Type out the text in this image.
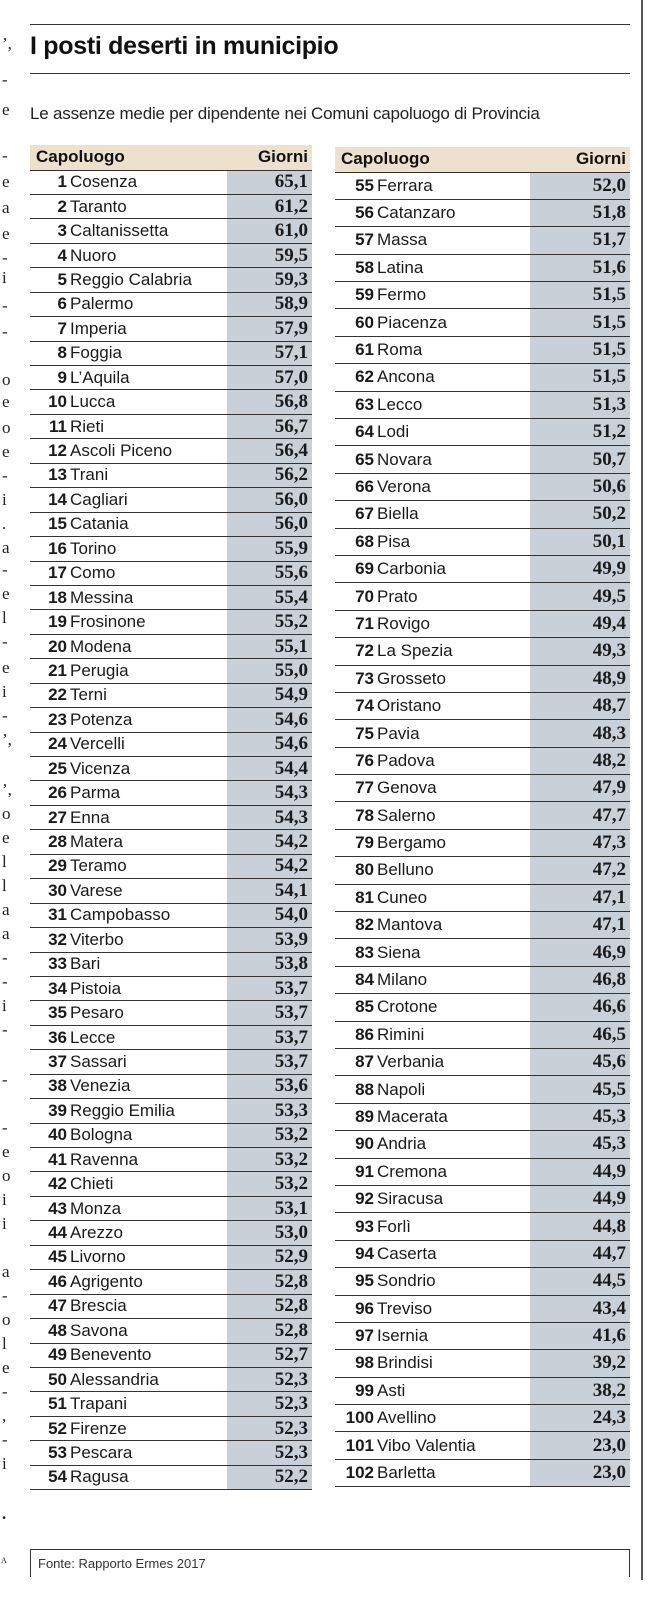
’,
-
e
-
e
a
e
-
i
-
-
o
e
o
e
-
i
.
a
-
e
l
-
e
i
-
’,
’,
o
e
l
l
a
a
-
-
i
-
-
-
e
o
i
i
a
-
o
l
e
-
,
-
i
.
A
I posti deserti in municipio

Le assenze medie per dipendente nei Comuni capoluogo di Provincia

Capoluogo		Giorni
1	Cosenza	65,1
2	Taranto	61,2
3	Caltanissetta	61,0
4	Nuoro	59,5
5	Reggio Calabria	59,3
6	Palermo	58,9
7	Imperia	57,9
8	Foggia	57,1
9	L’Aquila	57,0
10	Lucca	56,8
11	Rieti	56,7
12	Ascoli Piceno	56,4
13	Trani	56,2
14	Cagliari	56,0
15	Catania	56,0
16	Torino	55,9
17	Como	55,6
18	Messina	55,4
19	Frosinone	55,2
20	Modena	55,1
21	Perugia	55,0
22	Terni	54,9
23	Potenza	54,6
24	Vercelli	54,6
25	Vicenza	54,4
26	Parma	54,3
27	Enna	54,3
28	Matera	54,2
29	Teramo	54,2
30	Varese	54,1
31	Campobasso	54,0
32	Viterbo	53,9
33	Bari	53,8
34	Pistoia	53,7
35	Pesaro	53,7
36	Lecce	53,7
37	Sassari	53,7
38	Venezia	53,6
39	Reggio Emilia	53,3
40	Bologna	53,2
41	Ravenna	53,2
42	Chieti	53,2
43	Monza	53,1
44	Arezzo	53,0
45	Livorno	52,9
46	Agrigento	52,8
47	Brescia	52,8
48	Savona	52,8
49	Benevento	52,7
50	Alessandria	52,3
51	Trapani	52,3
52	Firenze	52,3
53	Pescara	52,3
54	Ragusa	52,2
Capoluogo		Giorni
55	Ferrara	52,0
56	Catanzaro	51,8
57	Massa	51,7
58	Latina	51,6
59	Fermo	51,5
60	Piacenza	51,5
61	Roma	51,5
62	Ancona	51,5
63	Lecco	51,3
64	Lodi	51,2
65	Novara	50,7
66	Verona	50,6
67	Biella	50,2
68	Pisa	50,1
69	Carbonia	49,9
70	Prato	49,5
71	Rovigo	49,4
72	La Spezia	49,3
73	Grosseto	48,9
74	Oristano	48,7
75	Pavia	48,3
76	Padova	48,2
77	Genova	47,9
78	Salerno	47,7
79	Bergamo	47,3
80	Belluno	47,2
81	Cuneo	47,1
82	Mantova	47,1
83	Siena	46,9
84	Milano	46,8
85	Crotone	46,6
86	Rimini	46,5
87	Verbania	45,6
88	Napoli	45,5
89	Macerata	45,3
90	Andria	45,3
91	Cremona	44,9
92	Siracusa	44,9
93	Forlì	44,8
94	Caserta	44,7
95	Sondrio	44,5
96	Treviso	43,4
97	Isernia	41,6
98	Brindisi	39,2
99	Asti	38,2
100	Avellino	24,3
101	Vibo Valentia	23,0
102	Barletta	23,0

Fonte: Rapporto Ermes 2017
